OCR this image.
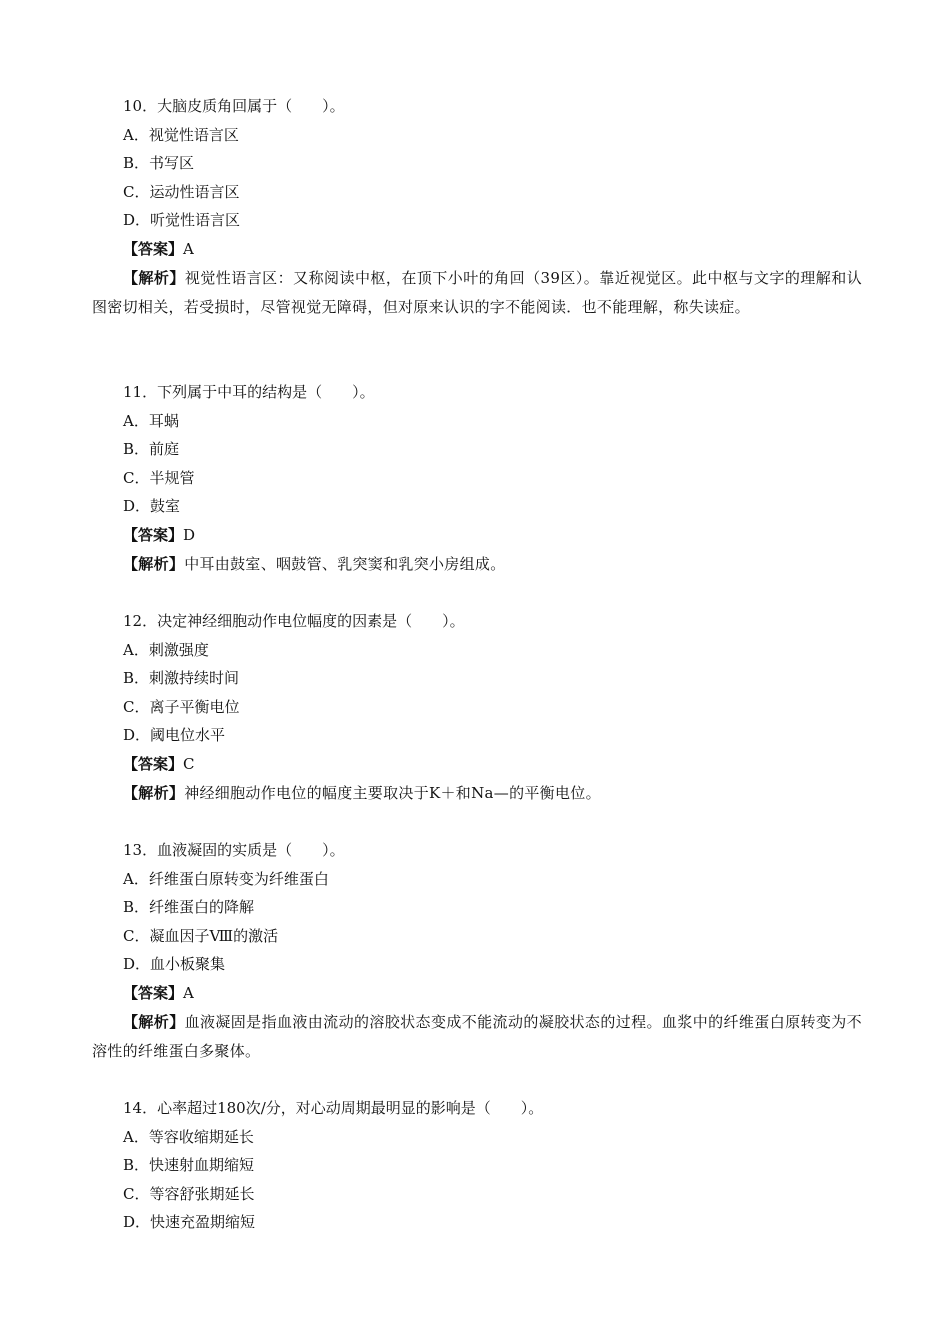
10．大脑皮质角回属于（　　）。
A．视觉性语言区
B．书写区
C．运动性语言区
D．听觉性语言区
【答案】A
【解析】视觉性语言区：又称阅读中枢，在顶下小叶的角回（39区）。靠近视觉区。此中枢与文字的理解和认图密切相关，若受损时，尽管视觉无障碍，但对原来认识的字不能阅读．也不能理解，称失读症。
11．下列属于中耳的结构是（　　）。
A．耳蜗
B．前庭
C．半规管
D．鼓室
【答案】D
【解析】中耳由鼓室、咽鼓管、乳突窦和乳突小房组成。
12．决定神经细胞动作电位幅度的因素是（　　）。
A．刺激强度
B．刺激持续时间
C．离子平衡电位
D．阈电位水平
【答案】C
【解析】神经细胞动作电位的幅度主要取决于K＋和Na—的平衡电位。
13．血液凝固的实质是（　　）。
A．纤维蛋白原转变为纤维蛋白
B．纤维蛋白的降解
C．凝血因子Ⅷ的激活
D．血小板聚集
【答案】A
【解析】血液凝固是指血液由流动的溶胶状态变成不能流动的凝胶状态的过程。血浆中的纤维蛋白原转变为不溶性的纤维蛋白多聚体。
14．心率超过180次/分，对心动周期最明显的影响是（　　）。
A．等容收缩期延长
B．快速射血期缩短
C．等容舒张期延长
D．快速充盈期缩短
